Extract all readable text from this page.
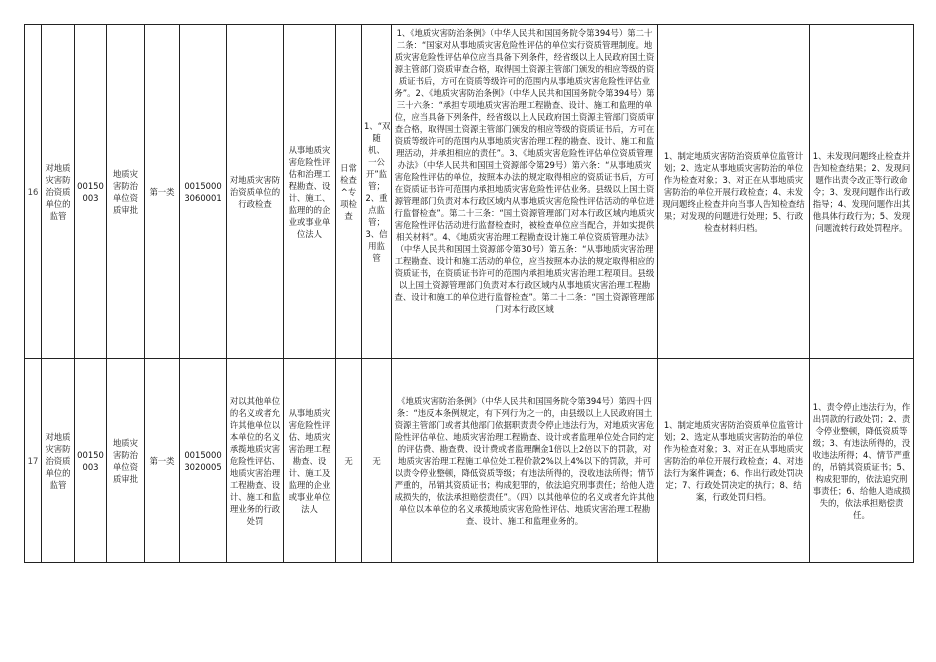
16	对地质灾害防治资质单位的监管	00150003	地质灾害防治单位资质审批	第一类	00150003060001	对地质灾害防治资质单位的行政检查	从事地质灾害危险性评估和治理工程勘查、设计、施工、监理的的企业或事业单位法人	日常检查^专项检查	1、“双随机、一公开”监管；2、重点监管；3、信用监管	1、《地质灾害防治条例》（中华人民共和国国务院令第394号）第二十二条：“国家对从事地质灾害危险性评估的单位实行资质管理制度。地质灾害危险性评估单位应当具备下列条件，经省级以上人民政府国土资源主管部门资质审查合格，取得国土资源主管部门颁发的相应等级的资质证书后，方可在资质等级许可的范围内从事地质灾害危险性评估业务”。2、《地质灾害防治条例》（中华人民共和国国务院令第394号）第三十六条：“承担专项地质灾害治理工程勘查、设计、施工和监理的单位，应当具备下列条件，经省级以上人民政府国土资源主管部门资质审查合格，取得国土资源主管部门颁发的相应等级的资质证书后，方可在资质等级许可的范围内从事地质灾害治理工程的勘查、设计、施工和监理活动，并承担相应的责任”。3、《地质灾害危险性评估单位资质管理办法》（中华人民共和国国土资源部令第29号）第六条：“从事地质灾害危险性评估的单位，按照本办法的规定取得相应的资质证书后，方可在资质证书许可范围内承担地质灾害危险性评估业务。县级以上国土资源管理部门负责对本行政区域内从事地质灾害危险性评估活动的单位进行监督检查”。第二十三条：“国土资源管理部门对本行政区域内地质灾害危险性评估活动进行监督检查时，被检查单位应当配合，并如实提供相关材料”。4、《地质灾害治理工程勘查设计施工单位资质管理办法》（中华人民共和国国土资源部令第30号）第五条：“从事地质灾害治理工程勘查、设计和施工活动的单位，应当按照本办法的规定取得相应的资质证书，在资质证书许可的范围内承担地质灾害治理工程项目。县级以上国土资源管理部门负责对本行政区域内从事地质灾害治理工程勘查、设计和施工的单位进行监督检查”。第二十二条：“国土资源管理部门对本行政区域	1、制定地质灾害防治资质单位监管计划；2、选定从事地质灾害防治的单位作为检查对象；3、对正在从事地质灾害防治的单位开展行政检查；4、未发现问题终止检查并向当事人告知检查结果；对发现的问题进行处理；5、行政检查材料归档。	1、未发现问题终止检查并告知检查结果；2、发现问题作出责令改正等行政命令；3、发现问题作出行政指导；4、发现问题作出其他具体行政行为；5、发现问题流转行政处罚程序。
17	对地质灾害防治资质单位的监管	00150003	地质灾害防治单位资质审批	第一类	00150003020005	对以其他单位的名义或者允许其他单位以本单位的名义承揽地质灾害危险性评估、地质灾害治理工程勘查、设计、施工和监理业务的行政处罚	从事地质灾害危险性评估、地质灾害治理工程勘查、设计、施工及监理的企业或事业单位法人	无	无	《地质灾害防治条例》（中华人民共和国国务院令第394号）第四十四条：“违反本条例规定，有下列行为之一的，由县级以上人民政府国土资源主管部门或者其他部门依据职责责令停止违法行为，对地质灾害危险性评估单位、地质灾害治理工程勘查、设计或者监理单位处合同约定的评估费、勘查费、设计费或者监理酬金1倍以上2倍以下的罚款，对地质灾害治理工程施工单位处工程价款2%以上4%以下的罚款，并可以责令停业整顿，降低资质等级；有违法所得的，没收违法所得；情节严重的，吊销其资质证书；构成犯罪的，依法追究刑事责任；给他人造成损失的，依法承担赔偿责任”。（四）以其他单位的名义或者允许其他单位以本单位的名义承揽地质灾害危险性评估、地质灾害治理工程勘查、设计、施工和监理业务的。	1、制定地质灾害防治资质单位监管计划；2、选定从事地质灾害防治的单位作为检查对象；3、对正在从事地质灾害防治的单位开展行政检查；4、对违法行为案件调查；6、作出行政处罚决定；7、行政处罚决定的执行；8、结案，行政处罚归档。	1、责令停止违法行为，作出罚款的行政处罚；2、责令停业整顿，降低资质等级；3、有违法所得的，没收违法所得；4、情节严重的，吊销其资质证书；5、构成犯罪的，依法追究刑事责任；6、给他人造成损失的，依法承担赔偿责任。
